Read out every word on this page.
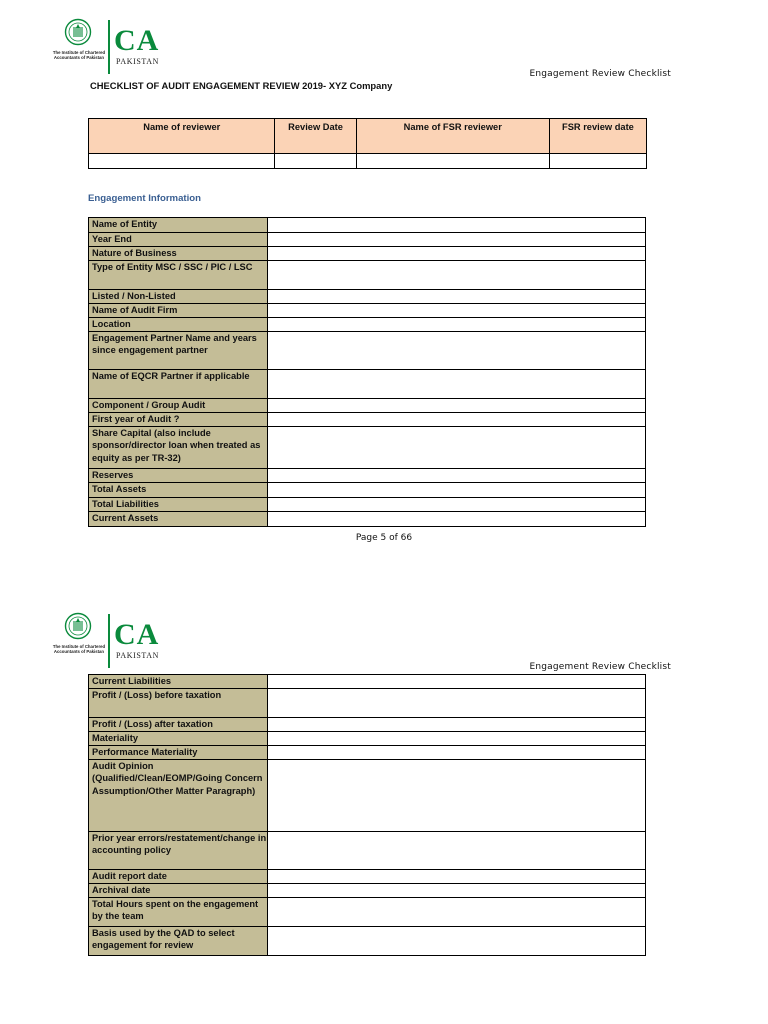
The Institute of Chartered Accountants of Pakistan
CA
PAKISTAN
Engagement Review Checklist
CHECKLIST OF AUDIT ENGAGEMENT REVIEW 2019- XYZ Company
Name of reviewer	Review Date	Name of FSR reviewer	FSR review date

Engagement Information
Name of Entity	
Year End	
Nature of Business	
Type of Entity MSC / SSC / PIC / LSC	
Listed / Non-Listed	
Name of Audit Firm	
Location	
Engagement Partner Name and years since engagement partner	
Name of EQCR Partner if applicable	
Component / Group Audit	
First year of Audit ?	
Share Capital (also include sponsor/director loan when treated as equity as per TR-32)	
Reserves	
Total Assets	
Total Liabilities	
Current Assets	
Page 5 of 66
The Institute of Chartered Accountants of Pakistan
CA
PAKISTAN
Engagement Review Checklist
Current Liabilities	
Profit / (Loss) before taxation	
Profit / (Loss) after taxation	
Materiality	
Performance Materiality	
Audit Opinion (Qualified/Clean/EOMP/Going Concern Assumption/Other Matter Paragraph)	
Prior year errors/restatement/change in accounting policy	
Audit report date	
Archival date	
Total Hours spent on the engagement by the team	
Basis used by the QAD to select engagement for review	
